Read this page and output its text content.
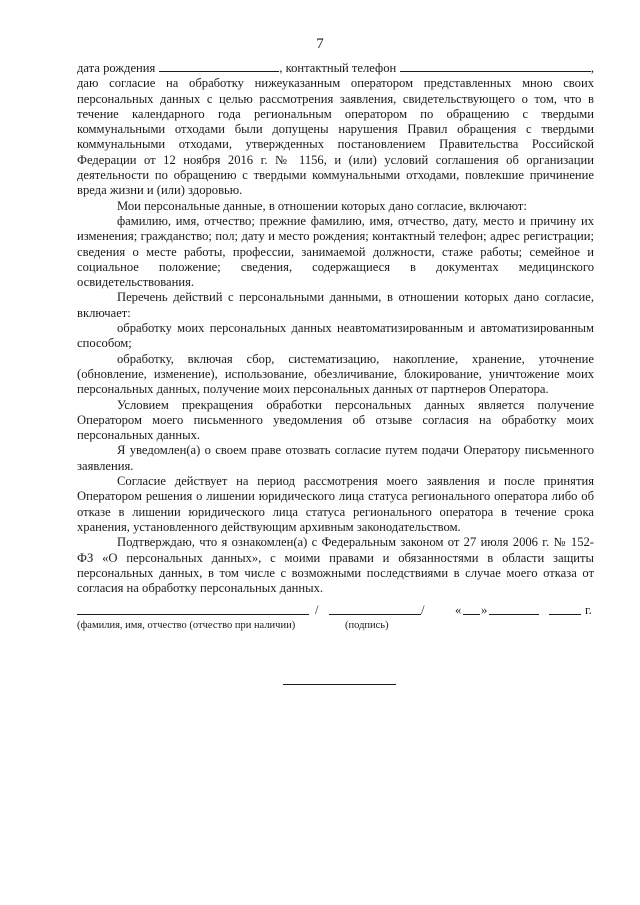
7
дата рождения	, контактный телефон	,

даю согласие на обработку нижеуказанным оператором представленных мною своих персональных данных с целью рассмотрения заявления, свидетельствующего о том, что в течение календарного года региональным оператором по обращению с твердыми коммунальными отходами были допущены нарушения Правил обращения с твердыми коммунальными отходами, утвержденных постановлением Правительства Российской Федерации от 12 ноября 2016 г. № 1156, и (или) условий соглашения об организации деятельности по обращению с твердыми коммунальными отходами, повлекшие причинение вреда жизни и (или) здоровью.

Мои персональные данные, в отношении которых дано согласие, включают:

фамилию, имя, отчество; прежние фамилию, имя, отчество, дату, место и причину их изменения; гражданство; пол; дату и место рождения; контактный телефон; адрес регистрации; сведения о месте работы, профессии, занимаемой должности, стаже работы; семейное и социальное положение; сведения, содержащиеся в документах медицинского освидетельствования.

Перечень действий с персональными данными, в отношении которых дано согласие, включает:

обработку моих персональных данных неавтоматизированным и автоматизированным способом;

обработку, включая сбор, систематизацию, накопление, хранение, уточнение (обновление, изменение), использование, обезличивание, блокирование, уничтожение моих персональных данных, получение моих персональных данных от партнеров Оператора.

Условием прекращения обработки персональных данных является получение Оператором моего письменного уведомления об отзыве согласия на обработку моих персональных данных.

Я уведомлен(а) о своем праве отозвать согласие путем подачи Оператору письменного заявления.

Согласие действует на период рассмотрения моего заявления и после принятия Оператором решения о лишении юридического лица статуса регионального оператора либо об отказе в лишении юридического лица статуса регионального оператора в течение срока хранения, установленного действующим архивным законодательством.

Подтверждаю, что я ознакомлен(а) с Федеральным законом от 27 июля 2006 г. № 152-ФЗ «О персональных данных», с моими правами и обязанностями в области защиты персональных данных, в том числе с возможными последствиями в случае моего отказа от согласия на обработку персональных данных.

/	/ « »	г.
(фамилия, имя, отчество (отчество при наличии)	(подпись)
